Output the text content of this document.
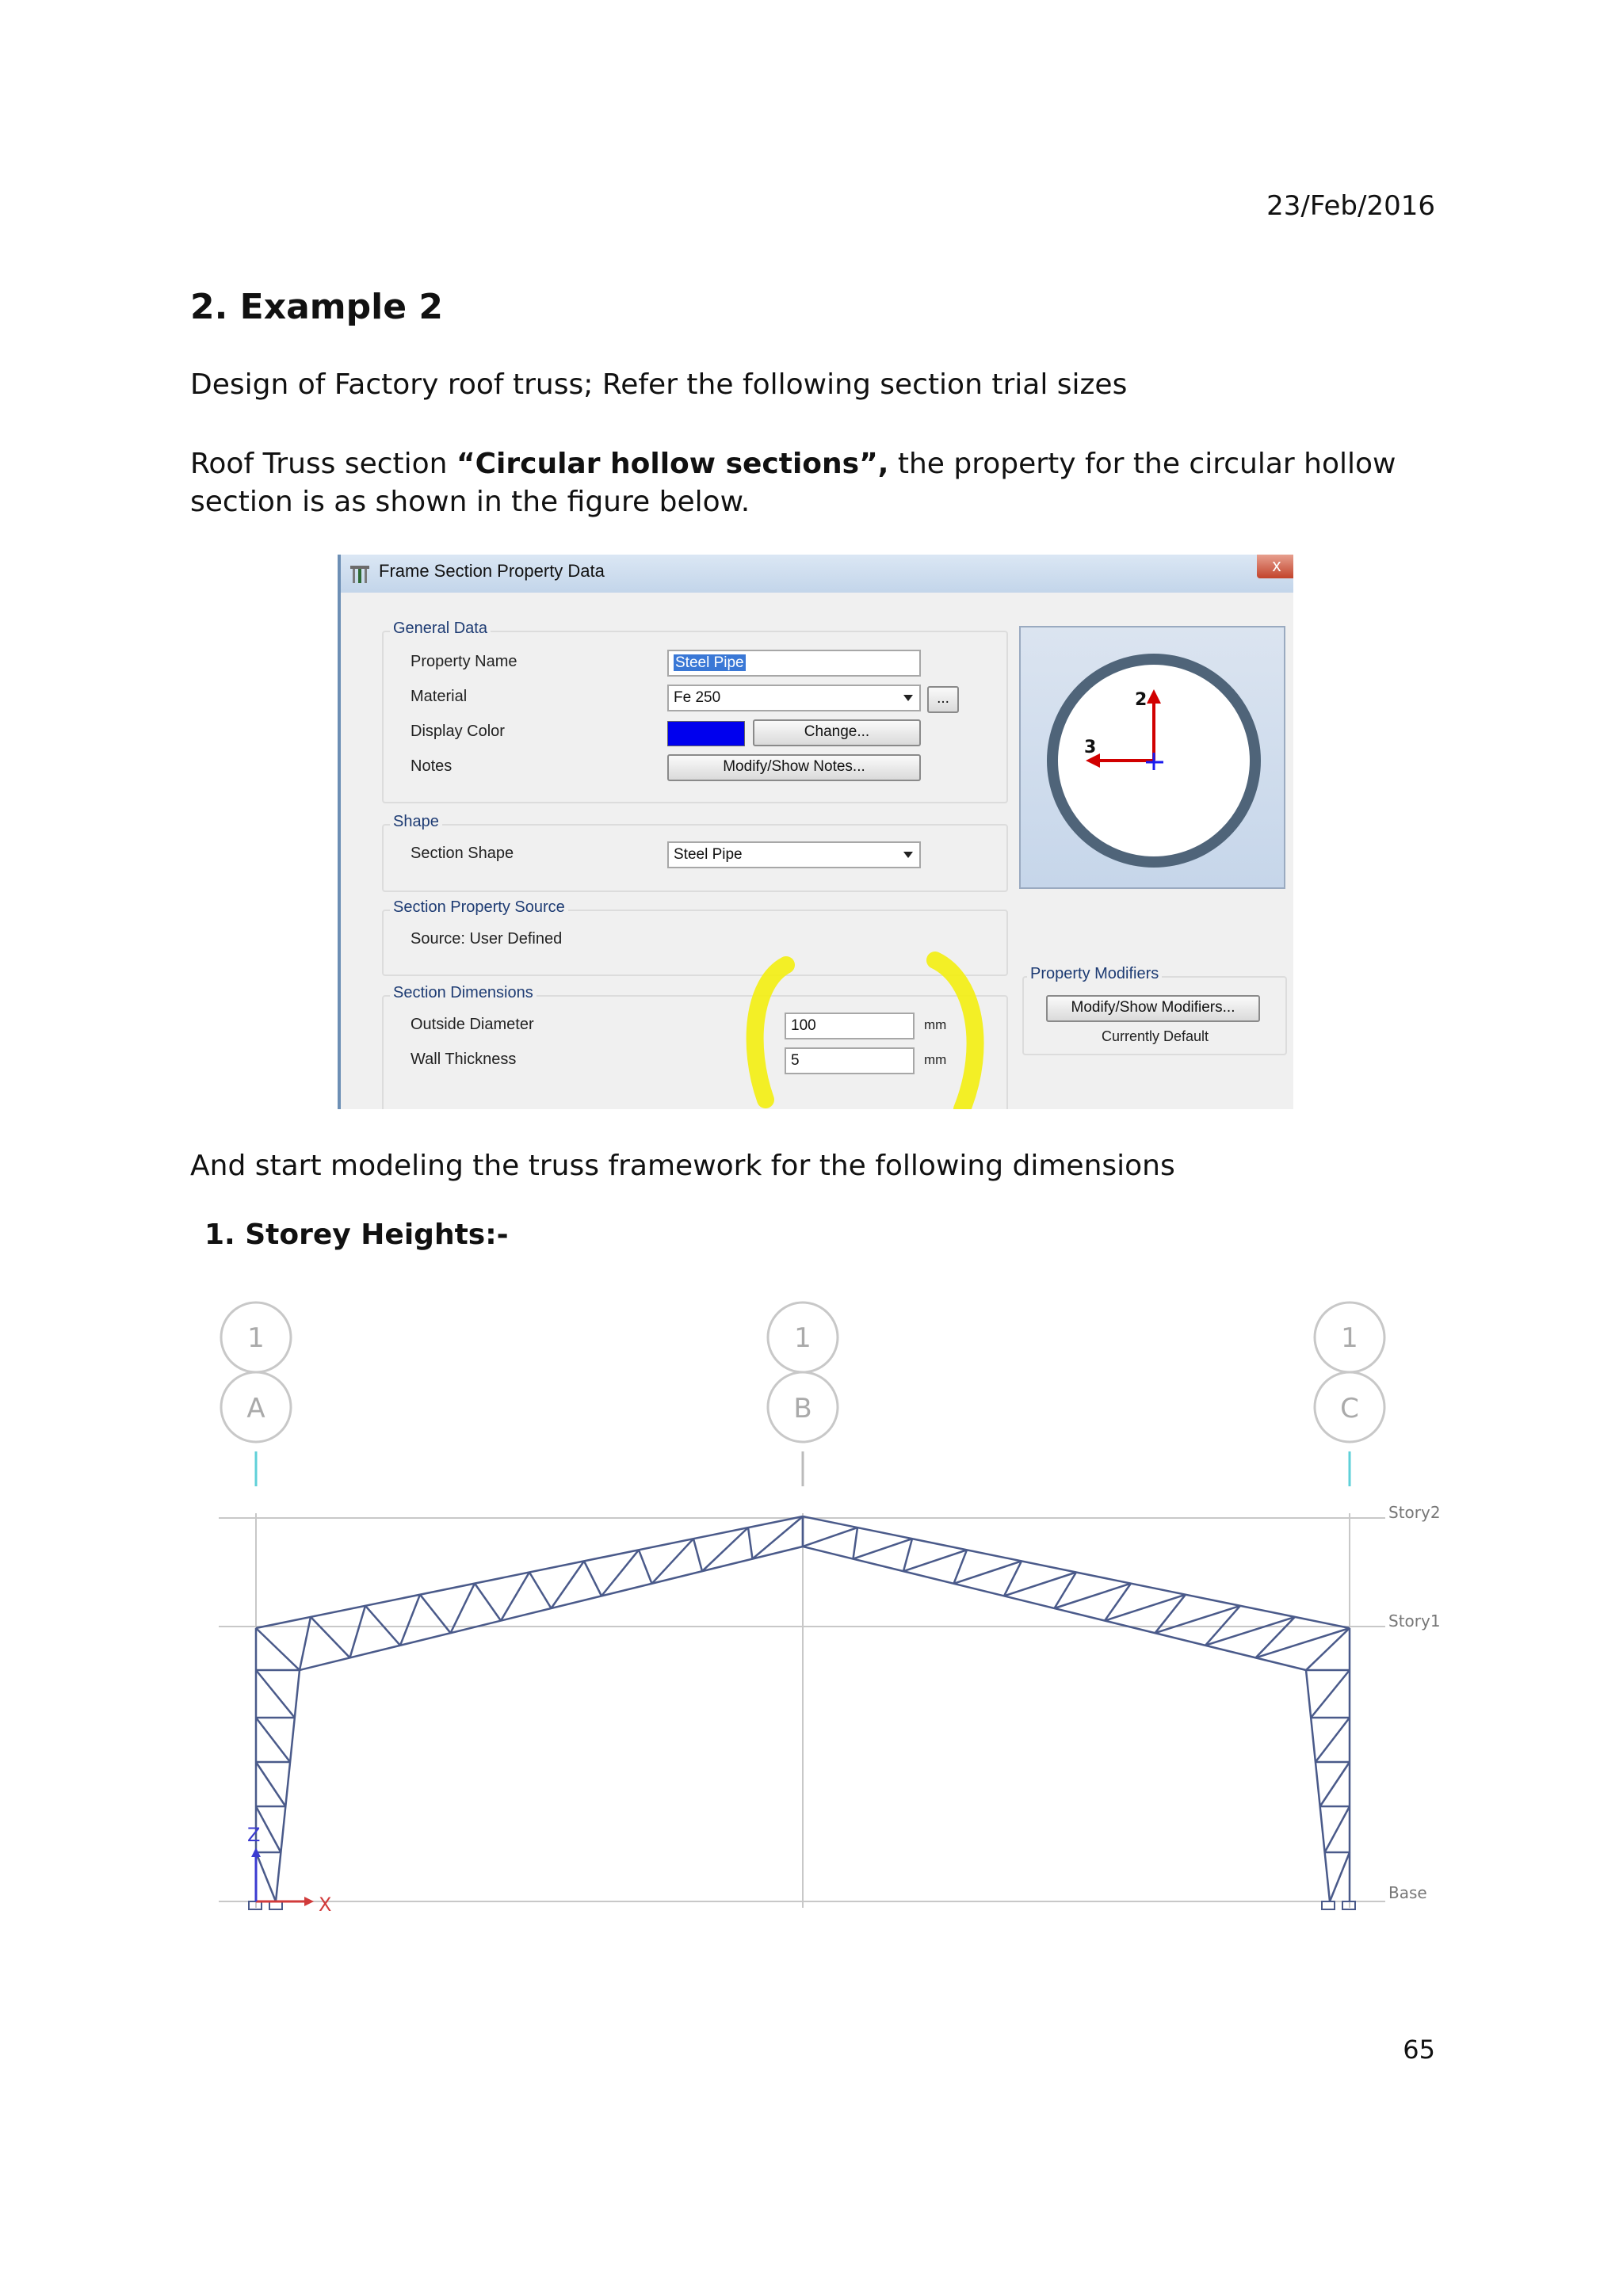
23/Feb/2016
2. Example 2
Design of Factory roof truss; Refer the following section trial sizes
Roof Truss section “Circular hollow sections”, the property for the circular hollow section is as shown in the figure below.
Frame Section Property Data	x
General Data
Property Name	Steel Pipe
Material	Fe 250	...
Display Color	Change...
Notes	Modify/Show Notes...
Shape
Section Shape	Steel Pipe
Section Property Source
Source: User Defined
Section Dimensions
Outside Diameter	100	mm
Wall Thickness	5	mm
2
3
Property Modifiers
Modify/Show Modifiers...
Currently Default
And start modeling the truss framework for the following dimensions
1. Storey Heights:-
1
A
1
B
1
C
Story2
Story1
Base
X
Z
65
